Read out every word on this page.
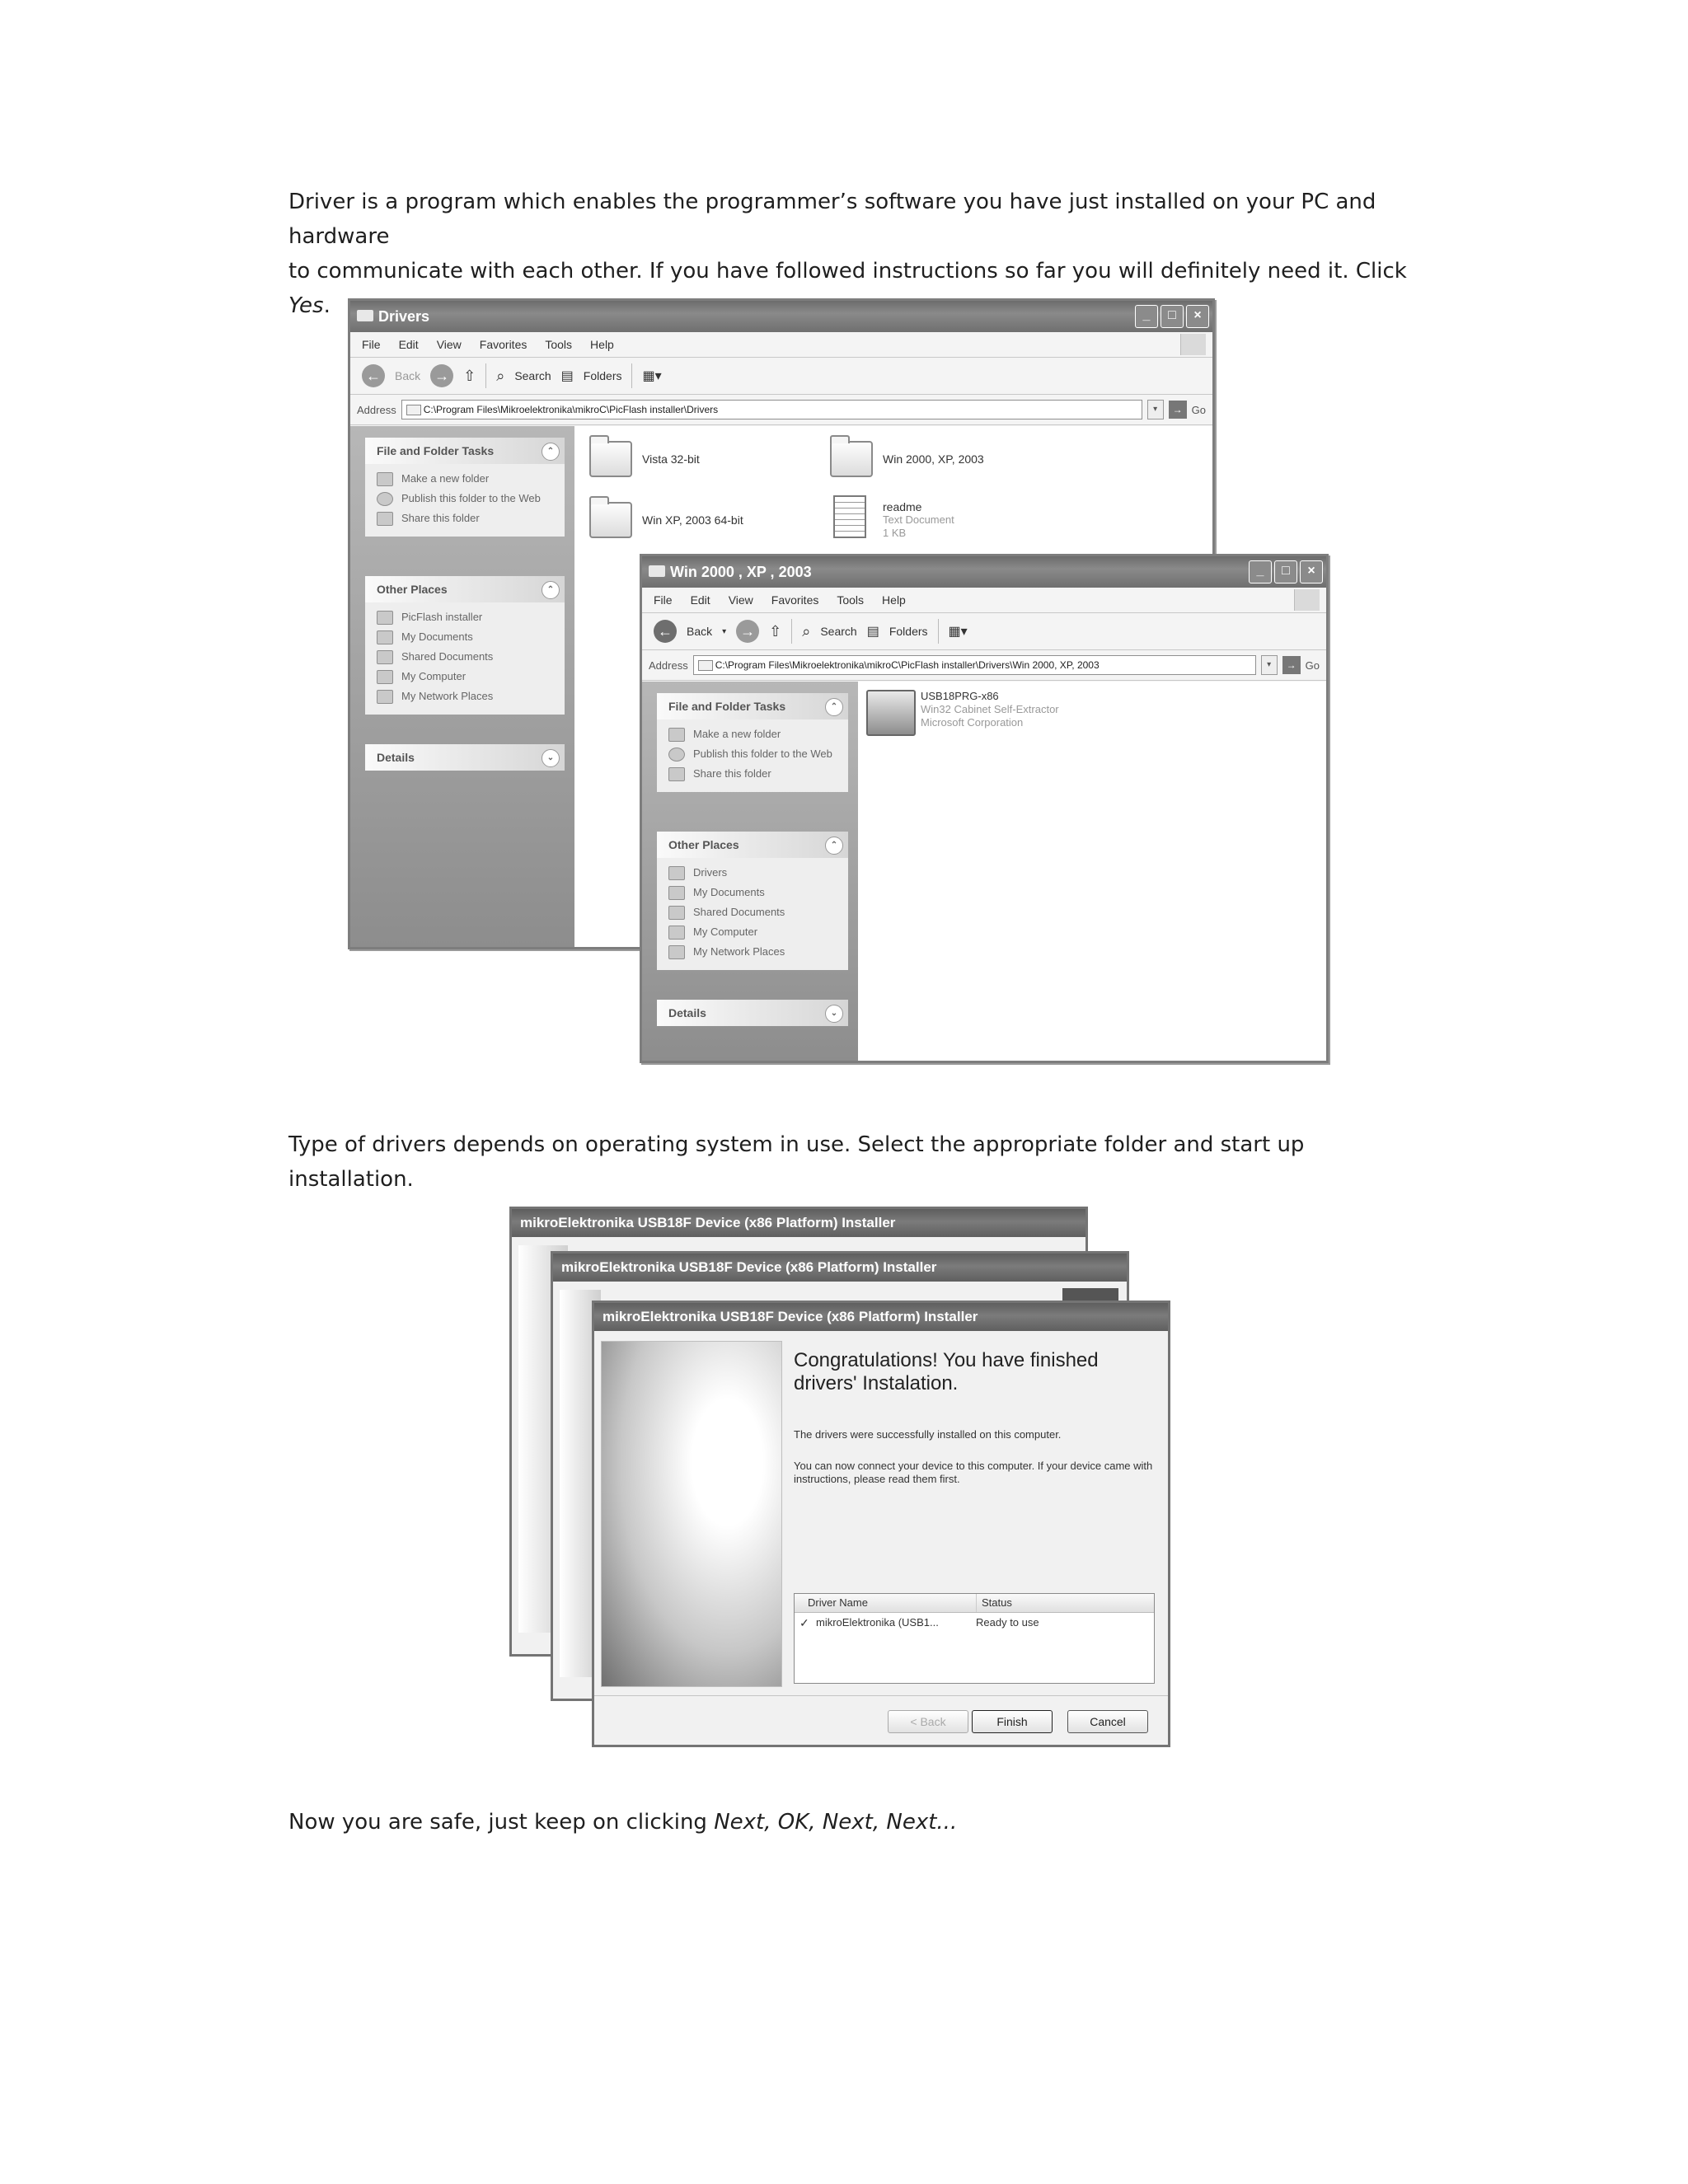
Driver is a program which enables the programmer’s software you have just installed on your PC and hardware
to communicate with each other. If you have followed instructions so far you will definitely need it. Click Yes.	Drivers	_	□	×
File Edit View Favorites Tools Help
←	Back → ⇧ ⌕ Search ▤ Folders ▦▾
Address	C:\Program Files\Mikroelektronika\mikroC\PicFlash installer\Drivers	▾	→ Go
File and Folder Tasks	⌃
Make a new folder
Publish this folder to the Web
Share this folder
Other Places	⌃
PicFlash installer
My Documents
Shared Documents
My Computer
My Network Places
Details	⌄
Vista 32-bit	Win 2000, XP, 2003
Win XP, 2003 64-bit
readme
Text Document
1 KB
Win 2000 , XP , 2003	_	□	×
File Edit View Favorites Tools Help
←	Back ▾ → ⇧ ⌕ Search ▤ Folders ▦▾
Address	C:\Program Files\Mikroelektronika\mikroC\PicFlash installer\Drivers\Win 2000, XP, 2003	▾	→ Go
File and Folder Tasks	⌃
Make a new folder
Publish this folder to the Web
Share this folder
Other Places	⌃
Drivers
My Documents
Shared Documents
My Computer
My Network Places
Details	⌄
USB18PRG-x86
Win32 Cabinet Self-Extractor
Microsoft Corporation
Type of drivers depends on operating system in use. Select the appropriate folder and start up installation.
mikroElektronika USB18F Device (x86 Platform) Installer
mikroElektronika USB18F Device (x86 Platform) Installer
mikroElektronika USB18F Device (x86 Platform) Installer
Congratulations! You have finished drivers' Instalation.
The drivers were successfully installed on this computer.
You can now connect your device to this computer. If your device came with instructions, please read them first.
Driver Name	Status
✓ mikroElektronika (USB1...	Ready to use
< Back	Finish	Cancel
Now you are safe, just keep on clicking Next, OK, Next, Next...
